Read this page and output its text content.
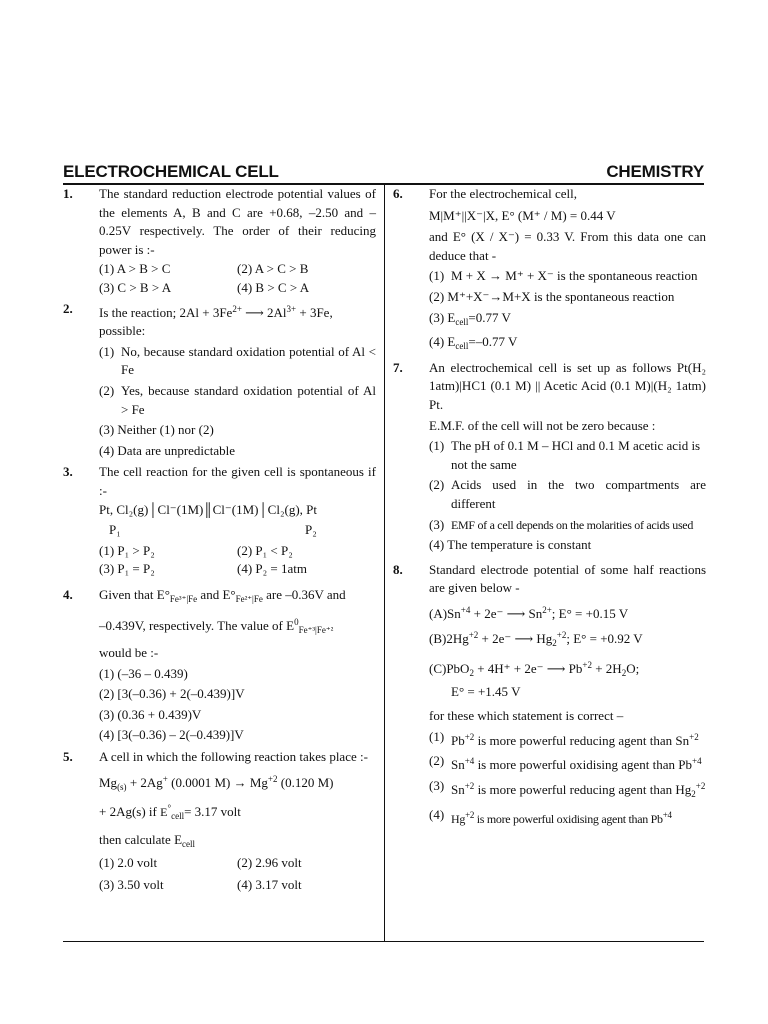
ELECTROCHEMICAL CELL	CHEMISTRY
1.	The standard reduction electrode potential values of the elements A, B and C are +0.68, –2.50 and –0.25V respectively. The order of their reducing power is :-

(1) A > B > C	(2) A > C > B
(3) C > B > A	(4) B > C > A
2.	Is the reaction; $2Al + 3Fe^{2+}$ ⟶ $2Al^{3+} + 3Fe$,

possible:

(1) No, because standard oxidation potential of Al < Fe
(2) Yes, because standard oxidation potential of Al > Fe
(3) Neither (1) nor (2)
(4) Data are unpredictable
3.	The cell reaction for the given cell is spontaneous if :-

Pt, Cl₂(g)│Cl⁻(1M)║Cl⁻(1M)│Cl₂(g), Pt

P₁	P₂
(1) P₁ > P₂	(2) P₁ < P₂
(3) P₁ = P₂	(4) P₂ = 1atm
4.	Given that $E^\circ_{Fe^{3+}|Fe}$ and $E^\circ_{Fe^{2+}|Fe}$ are –0.36V and

–0.439V, respectively. The value of $E^0_{Fe^{+3}|Fe^{+2}}$

would be :-

(1) (–36 – 0.439)
(2) [3(–0.36) + 2(–0.439)]V
(3) (0.36 + 0.439)V
(4) [3(–0.36) – 2(–0.439)]V
5.	A cell in which the following reaction takes place :-

$Mg_{(s)} + 2Ag^+$ (0.0001 $M) \to Mg^{+2}$ (0.120 M)

+ 2Ag(s) if $E^\circ_{cell}= 3.17$ volt

then calculate $E_{cell}$

(1) 2.0 volt	(2) 2.96 volt
(3) 3.50 volt	(4) 3.17 volt
6.	For the electrochemical cell,

M|M⁺||X⁻|X, E° (M⁺ / M) = 0.44 V

and E° (X / X⁻) = 0.33 V. From this data one can deduce that -

(1) M + X → M⁺ + X⁻ is the spontaneous reaction
(2) M⁺+X⁻→M+X is the spontaneous reaction
(3) $E_{cell}=0.77$ V
(4) $E_{cell}=-0.77$ V
7.	An electrochemical cell is set up as follows Pt(H₂ 1atm)|HC1 (0.1 M) || Acetic Acid (0.1 M)|(H₂ 1atm) Pt.

E.M.F. of the cell will not be zero because :

(1) The pH of 0.1 M – HCl and 0.1 M acetic acid is not the same
(2) Acids used in the two compartments are different
(3) EMF of a cell depends on the molarities of acids used
(4) The temperature is constant
8.	Standard electrode potential of some half reactions are given below -

$(A)Sn^{+4} + 2e^-$ ⟶ $Sn^{2+}$; E° = +0.15 V

$(B)2Hg^{+2} + 2e^-$ ⟶ $Hg_2^{+2}$; E° = +0.92 V

(C)PbO$_2$ + 4H⁺ + 2e⁻ ⟶ $Pb^{+2} + 2H_2O$;

E° = +1.45 V

for these which statement is correct –

(1) $Pb^{+2}$ is more powerful reducing agent than $Sn^{+2}$
(2) $Sn^{+4}$ is more powerful oxidising agent than $Pb^{+4}$
(3) $Sn^{+2}$ is more powerful reducing agent than $Hg_2^{+2}$
(4) $Hg^{+2}$ is more powerful oxidising agent than $Pb^{+4}$
